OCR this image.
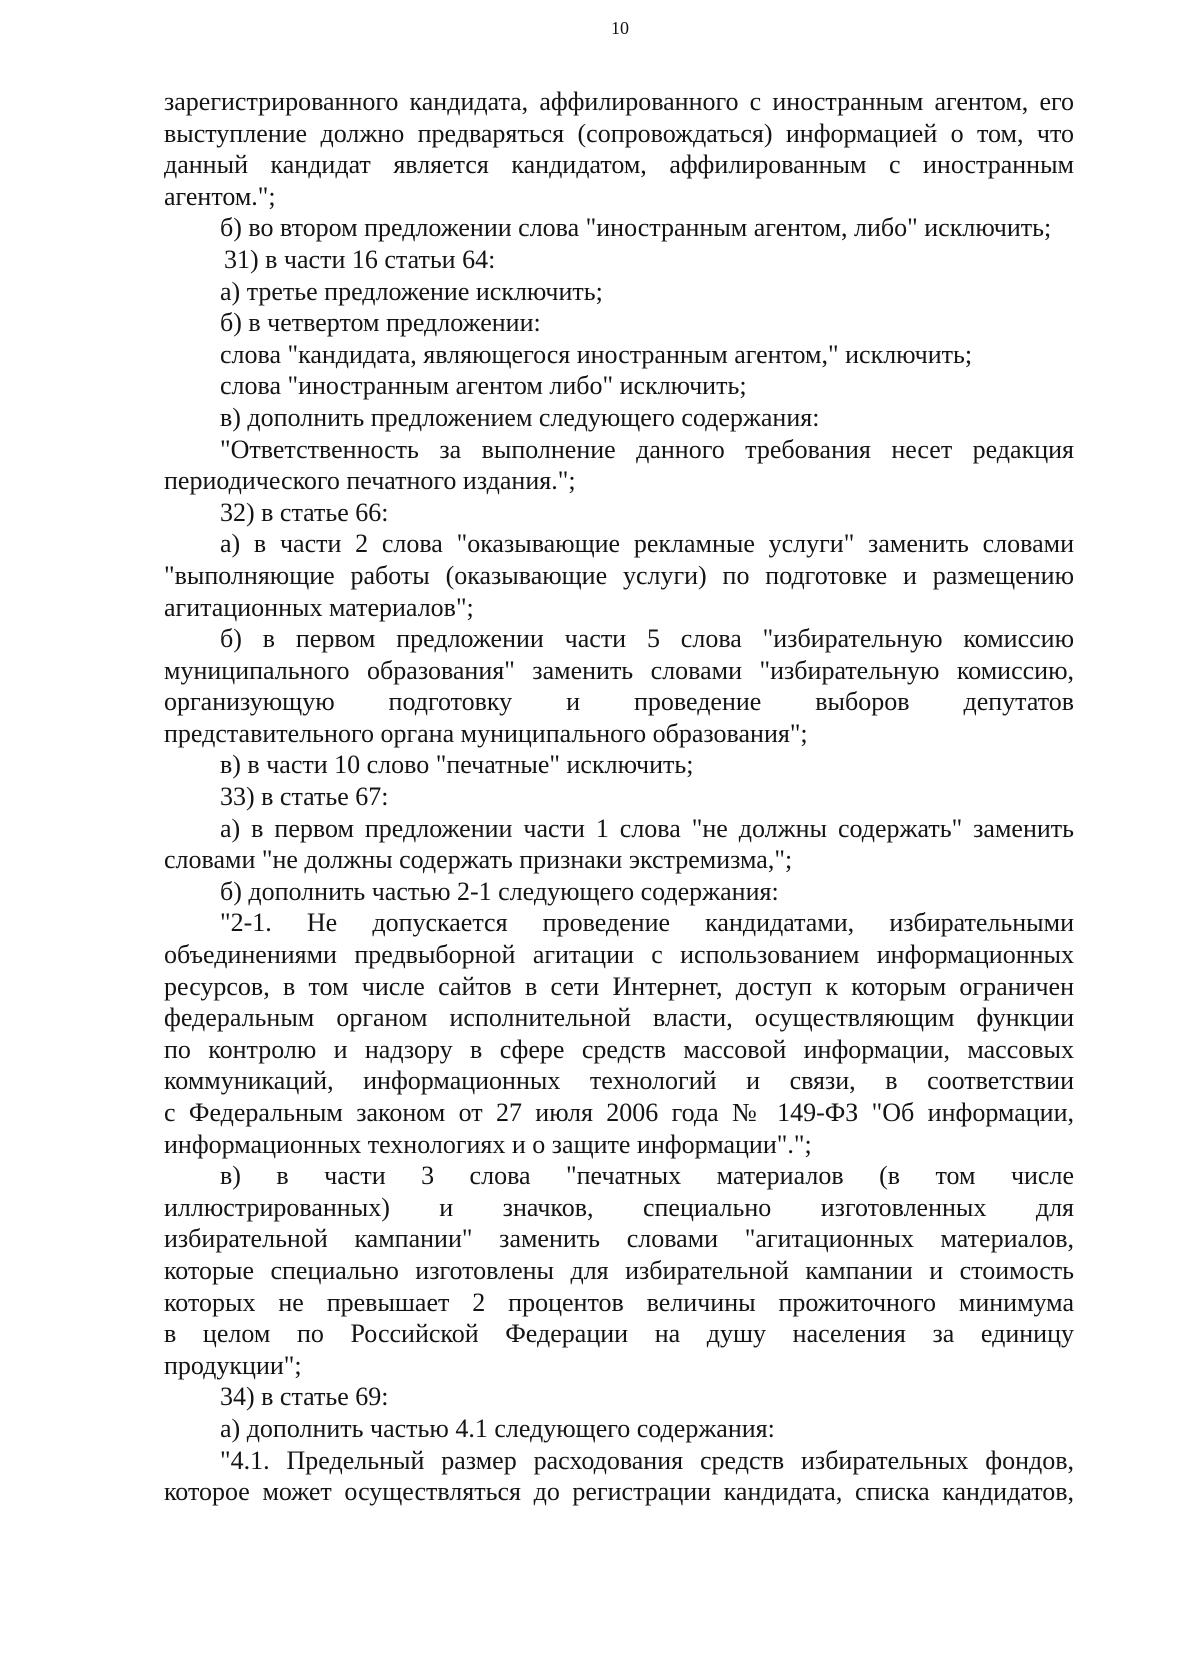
10
зарегистрированного кандидата, аффилированного с иностранным агентом, его
выступление должно предваряться (сопровождаться) информацией о том, что
данный кандидат является кандидатом, аффилированным с иностранным
агентом.";
б) во втором предложении слова "иностранным агентом, либо" исключить;
31) в части 16 статьи 64:
а) третье предложение исключить;
б) в четвертом предложении:
слова "кандидата, являющегося иностранным агентом," исключить;
слова "иностранным агентом либо" исключить;
в) дополнить предложением следующего содержания:
"Ответственность за выполнение данного требования несет редакция
периодического печатного издания.";
32) в статье 66:
а) в части 2 слова "оказывающие рекламные услуги" заменить словами
"выполняющие работы (оказывающие услуги) по подготовке и размещению
агитационных материалов";
б) в первом предложении части 5 слова "избирательную комиссию
муниципального образования" заменить словами "избирательную комиссию,
организующую подготовку и проведение выборов депутатов
представительного органа муниципального образования";
в) в части 10 слово "печатные" исключить;
33) в статье 67:
а) в первом предложении части 1 слова "не должны содержать" заменить
словами "не должны содержать признаки экстремизма,";
б) дополнить частью 2-1 следующего содержания:
"2-1. Не допускается проведение кандидатами, избирательными
объединениями предвыборной агитации с использованием информационных
ресурсов, в том числе сайтов в сети Интернет, доступ к которым ограничен
федеральным органом исполнительной власти, осуществляющим функции
по контролю и надзору в сфере средств массовой информации, массовых
коммуникаций, информационных технологий и связи, в соответствии
с Федеральным законом от 27 июля 2006 года № 149-ФЗ "Об информации,
информационных технологиях и о защите информации".";
в) в части 3 слова "печатных материалов (в том числе
иллюстрированных) и значков, специально изготовленных для
избирательной кампании" заменить словами "агитационных материалов,
которые специально изготовлены для избирательной кампании и стоимость
которых не превышает 2 процентов величины прожиточного минимума
в целом по Российской Федерации на душу населения за единицу
продукции";
34) в статье 69:
а) дополнить частью 4.1 следующего содержания:
"4.1. Предельный размер расходования средств избирательных фондов,
которое может осуществляться до регистрации кандидата, списка кандидатов,
